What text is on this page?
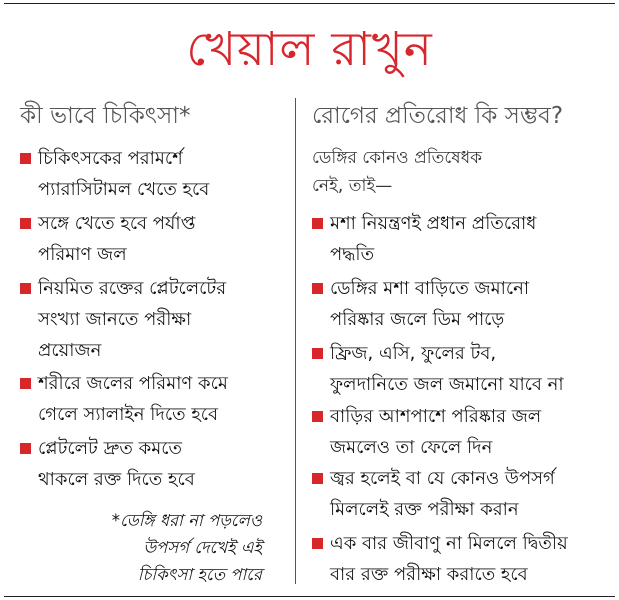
খেয়াল রাখুন
কী ভাবে চিকিৎসা*
চিকিৎসকের পরামর্শে
প্যারাসিটামল খেতে হবে
সঙ্গে খেতে হবে পর্যাপ্ত
পরিমাণ জল
নিয়মিত রক্তের প্লেটলেটের
সংখ্যা জানতে পরীক্ষা
প্রয়োজন
শরীরে জলের পরিমাণ কমে
গেলে স্যালাইন দিতে হবে
প্লেটলেট দ্রুত কমতে
থাকলে রক্ত দিতে হবে
*ডেঙ্গি ধরা না পড়লেও
উপসর্গ দেখেই এই
চিকিৎসা হতে পারে
রোগের প্রতিরোধ কি সম্ভব?
ডেঙ্গির কোনও প্রতিষেধক
নেই, তাই—
মশা নিয়ন্ত্রণই প্রধান প্রতিরোধ
পদ্ধতি
ডেঙ্গির মশা বাড়িতে জমানো
পরিষ্কার জলে ডিম পাড়ে
ফ্রিজ, এসি, ফুলের টব,
ফুলদানিতে জল জমানো যাবে না
বাড়ির আশপাশে পরিষ্কার জল
জমলেও তা ফেলে দিন
জ্বর হলেই বা যে কোনও উপসর্গ
মিললেই রক্ত পরীক্ষা করান
এক বার জীবাণু না মিললে দ্বিতীয়
বার রক্ত পরীক্ষা করাতে হবে
